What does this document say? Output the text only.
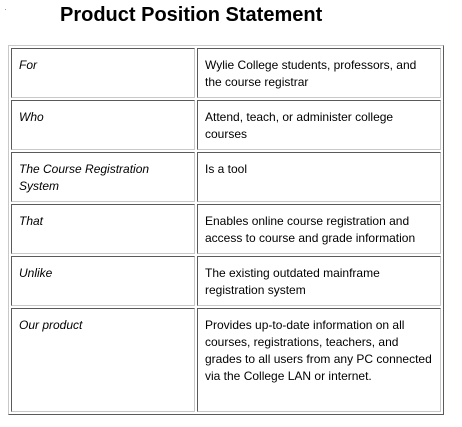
Product Position Statement
For	Wylie College students, professors, and the course registrar
Who	Attend, teach, or administer college courses
The Course Registration System	Is a tool
That	Enables online course registration and access to course and grade information
Unlike	The existing outdated mainframe registration system
Our product	Provides up-to-date information on all courses, registrations, teachers, and grades to all users from any PC connected via the College LAN or internet.
